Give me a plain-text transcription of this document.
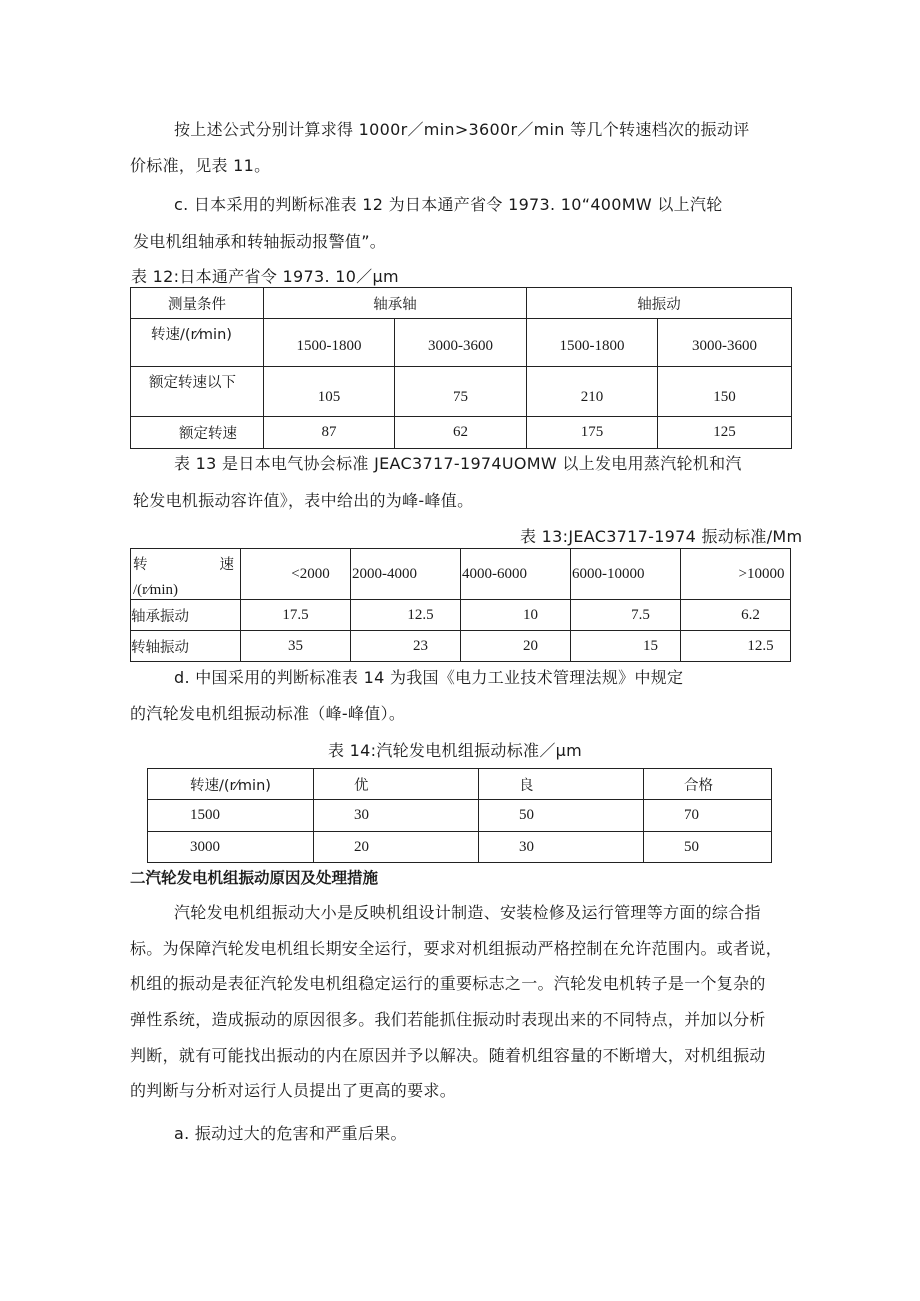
按上述公式分别计算求得 1000r／min>3600r／min 等几个转速档次的振动评

价标准，见表 11。

c. 日本采用的判断标准表 12 为日本通产省令 1973. 10“400MW 以上汽轮

发电机组轴承和转轴振动报警值”。

表 12:日本通产省令 1973. 10／μm

测量条件	轴承轴		轴振动	
转速/(r⁄min)	1500-1800	3000-3600	1500-1800	3000-3600
额定转速以下	105	75	210	150
额定转速	87	62	175	125

表 13 是日本电气协会标准 JEAC3717-1974UOMW 以上发电用蒸汽轮机和汽

轮发电机振动容许值》，表中给出的为峰-峰值。

表 13:JEAC3717-1974 振动标准/Mm

转 速
/(r⁄min)	<2000	2000-4000	4000-6000	6000-10000	>10000
轴承振动	17.5	12.5	10	7.5	6.2
转轴振动	35	23	20	15	12.5

d. 中国采用的判断标准表 14 为我国《电力工业技术管理法规》中规定

的汽轮发电机组振动标准（峰-峰值）。

表 14:汽轮发电机组振动标准／μm

转速/(r⁄min)	优	良	合格
1500	30	50	70
3000	20	30	50

二汽轮发电机组振动原因及处理措施

汽轮发电机组振动大小是反映机组设计制造、安装检修及运行管理等方面的综合指

标。为保障汽轮发电机组长期安全运行，要求对机组振动严格控制在允许范围内。或者说，

机组的振动是表征汽轮发电机组稳定运行的重要标志之一。汽轮发电机转子是一个复杂的

弹性系统，造成振动的原因很多。我们若能抓住振动时表现出来的不同特点，并加以分析

判断，就有可能找出振动的内在原因并予以解决。随着机组容量的不断增大，对机组振动

的判断与分析对运行人员提出了更高的要求。

a. 振动过大的危害和严重后果。
